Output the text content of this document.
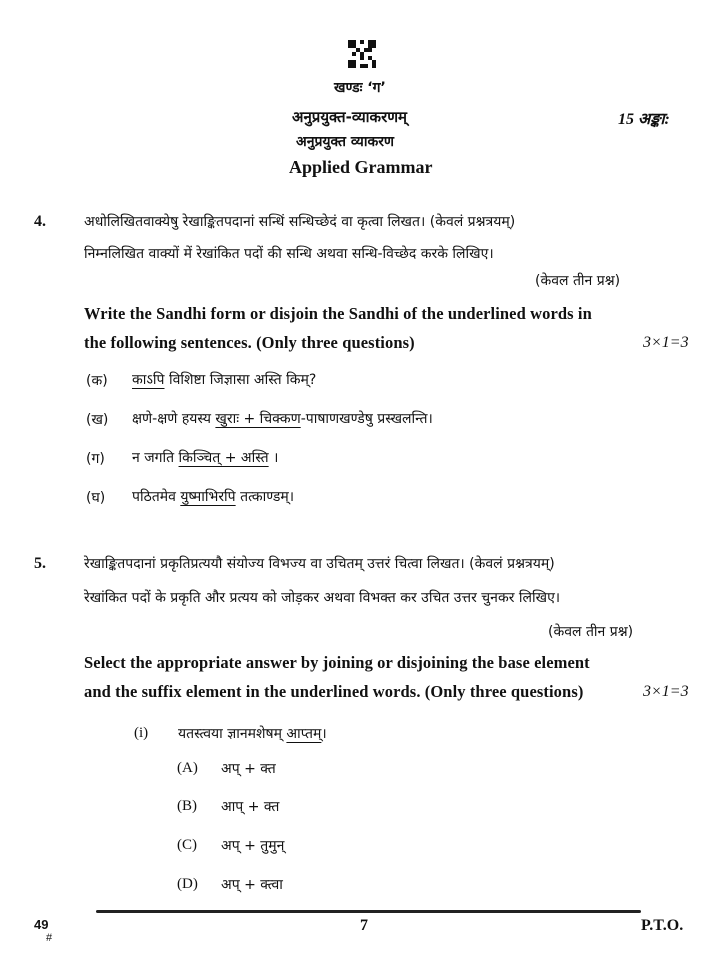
खण्डः ‘ग’
अनुप्रयुक्त-व्याकरणम्
अनुप्रयुक्त व्याकरण
Applied Grammar
15 अङ्का:
4.	अधोलिखितवाक्येषु रेखाङ्कितपदानां सन्धिं सन्धिच्छेदं वा कृत्वा लिखत। (केवलं प्रश्नत्रयम्)
निम्नलिखित वाक्यों में रेखांकित पदों की सन्धि अथवा सन्धि-विच्छेद करके लिखिए।
(केवल तीन प्रश्न)
Write the Sandhi form or disjoin the Sandhi of the underlined words in
the following sentences. (Only three questions)	3×1=3
(क) काऽपि विशिष्टा जिज्ञासा अस्ति किम्?
(ख) क्षणे-क्षणे हयस्य खुराः + चिक्कण-पाषाणखण्डेषु प्रस्खलन्ति।
(ग) न जगति किञ्चित् + अस्ति ।
(घ) पठितमेव युष्माभिरपि तत्काण्डम्।
5.	रेखाङ्कितपदानां प्रकृतिप्रत्ययौ संयोज्य विभज्य वा उचितम् उत्तरं चित्वा लिखत। (केवलं प्रश्नत्रयम्)
रेखांकित पदों के प्रकृति और प्रत्यय को जोड़कर अथवा विभक्त कर उचित उत्तर चुनकर लिखिए।
(केवल तीन प्रश्न)
Select the appropriate answer by joining or disjoining the base element
and the suffix element in the underlined words. (Only three questions)	3×1=3
(i) यतस्त्वया ज्ञानमशेषम् आप्तम्।
(A) अप् + क्त
(B) आप् + क्त
(C) अप् + तुमुन्
(D) अप् + क्त्वा
49
#
7	P.T.O.
